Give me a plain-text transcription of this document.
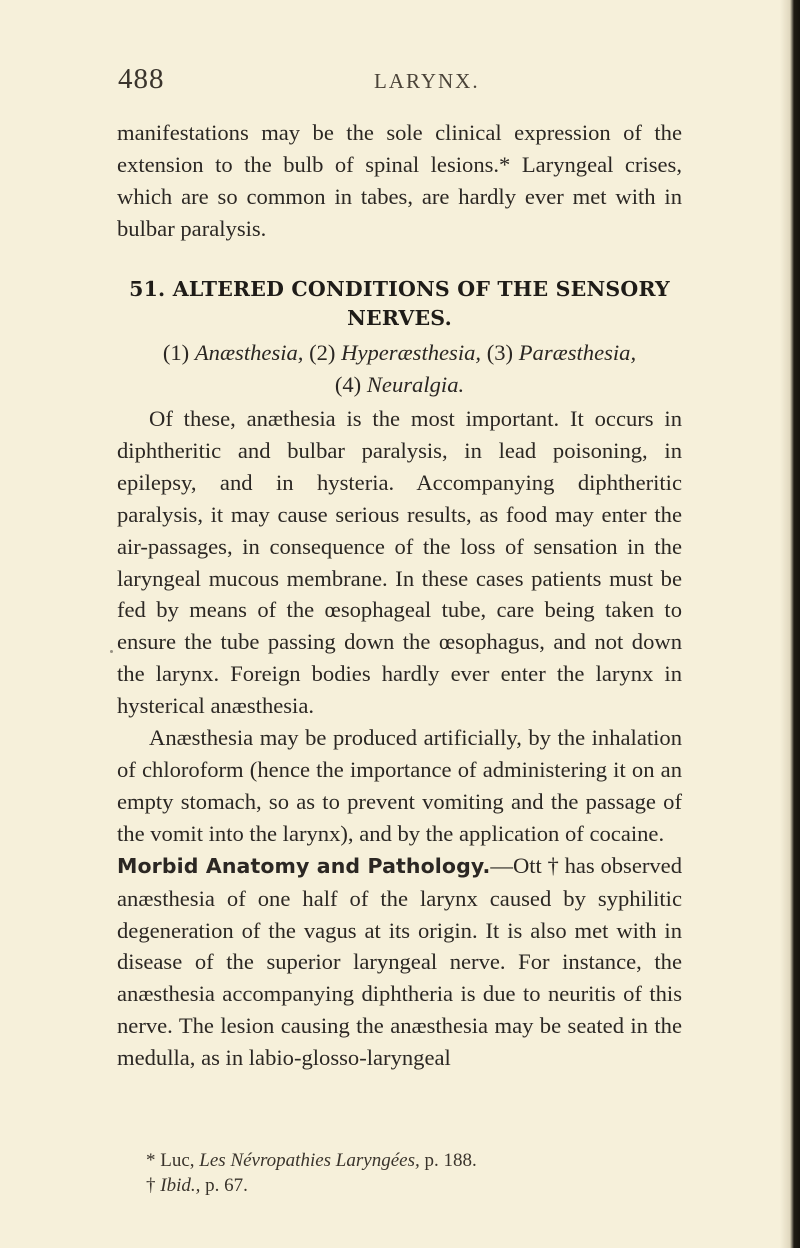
488	LARYNX.

manifestations may be the sole clinical expression of the extension to the bulb of spinal lesions.* Laryngeal crises, which are so common in tabes, are hardly ever met with in bulbar paralysis.

51. ALTERED CONDITIONS OF THE SENSORY
NERVES.
(1) Anæsthesia, (2) Hyperæsthesia, (3) Paræsthesia,
(4) Neuralgia.

Of these, anæthesia is the most important. It occurs in diphtheritic and bulbar paralysis, in lead poisoning, in epilepsy, and in hysteria. Accompanying diphtheritic paralysis, it may cause serious results, as food may enter the air-passages, in consequence of the loss of sensation in the laryngeal mucous membrane. In these cases patients must be fed by means of the œsophageal tube, care being taken to ensure the tube passing down the œsophagus, and not down the larynx. Foreign bodies hardly ever enter the larynx in hysterical anæsthesia.

Anæsthesia may be produced artificially, by the inhalation of chloroform (hence the importance of administering it on an empty stomach, so as to prevent vomiting and the passage of the vomit into the larynx), and by the application of cocaine.

Morbid Anatomy and Pathology.—Ott † has observed anæsthesia of one half of the larynx caused by syphilitic degeneration of the vagus at its origin. It is also met with in disease of the superior laryngeal nerve. For instance, the anæsthesia accompanying diphtheria is due to neuritis of this nerve. The lesion causing the anæsthesia may be seated in the medulla, as in labio-glosso-laryngeal

* Luc, Les Névropathies Laryngées, p. 188.
† Ibid., p. 67.
